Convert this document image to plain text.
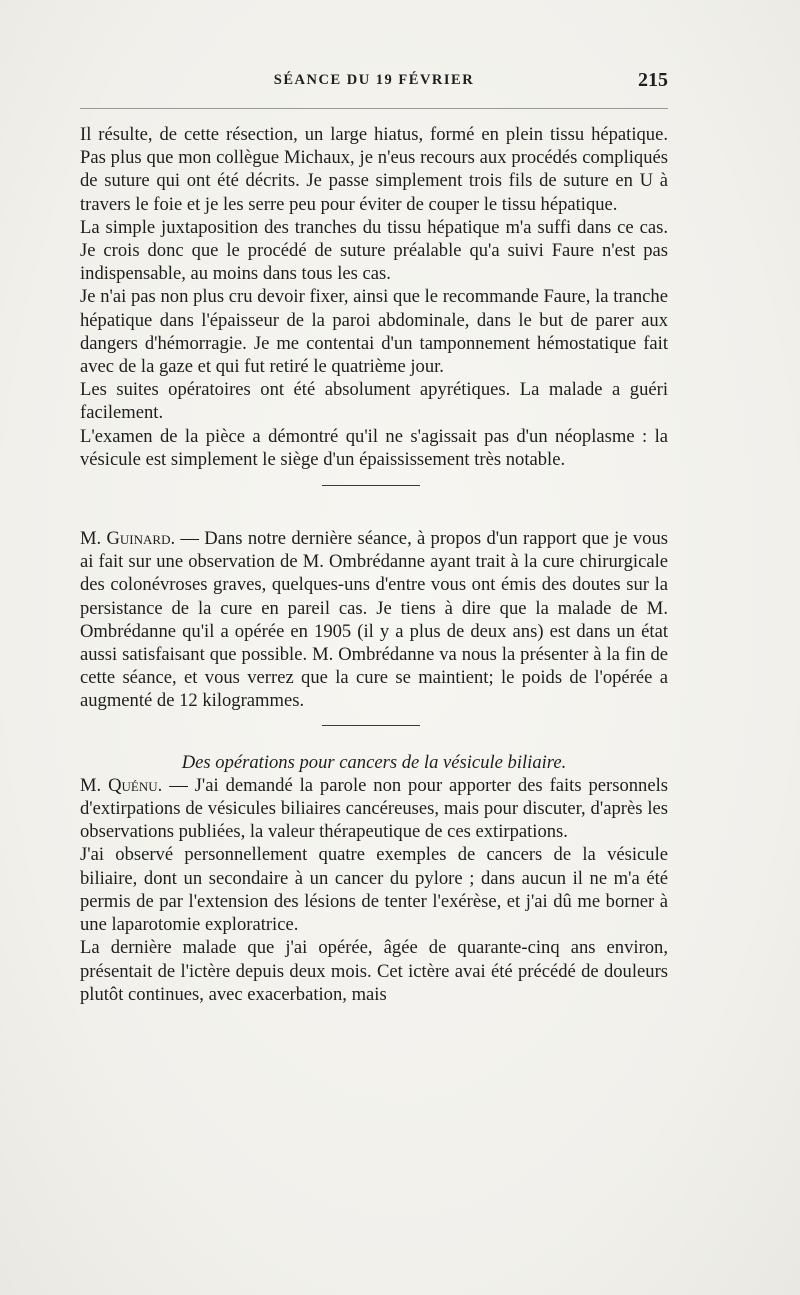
SÉANCE DU 19 FÉVRIER	215

Il résulte, de cette résection, un large hiatus, formé en plein tissu hépatique. Pas plus que mon collègue Michaux, je n'eus recours aux procédés compliqués de suture qui ont été décrits. Je passe simplement trois fils de suture en U à travers le foie et je les serre peu pour éviter de couper le tissu hépatique.

La simple juxtaposition des tranches du tissu hépatique m'a suffi dans ce cas. Je crois donc que le procédé de suture préalable qu'a suivi Faure n'est pas indispensable, au moins dans tous les cas.

Je n'ai pas non plus cru devoir fixer, ainsi que le recommande Faure, la tranche hépatique dans l'épaisseur de la paroi abdominale, dans le but de parer aux dangers d'hémorragie. Je me contentai d'un tamponnement hémostatique fait avec de la gaze et qui fut retiré le quatrième jour.

Les suites opératoires ont été absolument apyrétiques. La malade a guéri facilement.

L'examen de la pièce a démontré qu'il ne s'agissait pas d'un néoplasme : la vésicule est simplement le siège d'un épaississement très notable.

M. Guinard. — Dans notre dernière séance, à propos d'un rapport que je vous ai fait sur une observation de M. Ombrédanne ayant trait à la cure chirurgicale des colonévroses graves, quelques-uns d'entre vous ont émis des doutes sur la persistance de la cure en pareil cas. Je tiens à dire que la malade de M. Ombrédanne qu'il a opérée en 1905 (il y a plus de deux ans) est dans un état aussi satisfaisant que possible. M. Ombrédanne va nous la présenter à la fin de cette séance, et vous verrez que la cure se maintient; le poids de l'opérée a augmenté de 12 kilogrammes.

Des opérations pour cancers de la vésicule biliaire.

M. Quénu. — J'ai demandé la parole non pour apporter des faits personnels d'extirpations de vésicules biliaires cancéreuses, mais pour discuter, d'après les observations publiées, la valeur thérapeutique de ces extirpations.

J'ai observé personnellement quatre exemples de cancers de la vésicule biliaire, dont un secondaire à un cancer du pylore ; dans aucun il ne m'a été permis de par l'extension des lésions de tenter l'exérèse, et j'ai dû me borner à une laparotomie exploratrice.

La dernière malade que j'ai opérée, âgée de quarante-cinq ans environ, présentait de l'ictère depuis deux mois. Cet ictère avai été précédé de douleurs plutôt continues, avec exacerbation, mais
